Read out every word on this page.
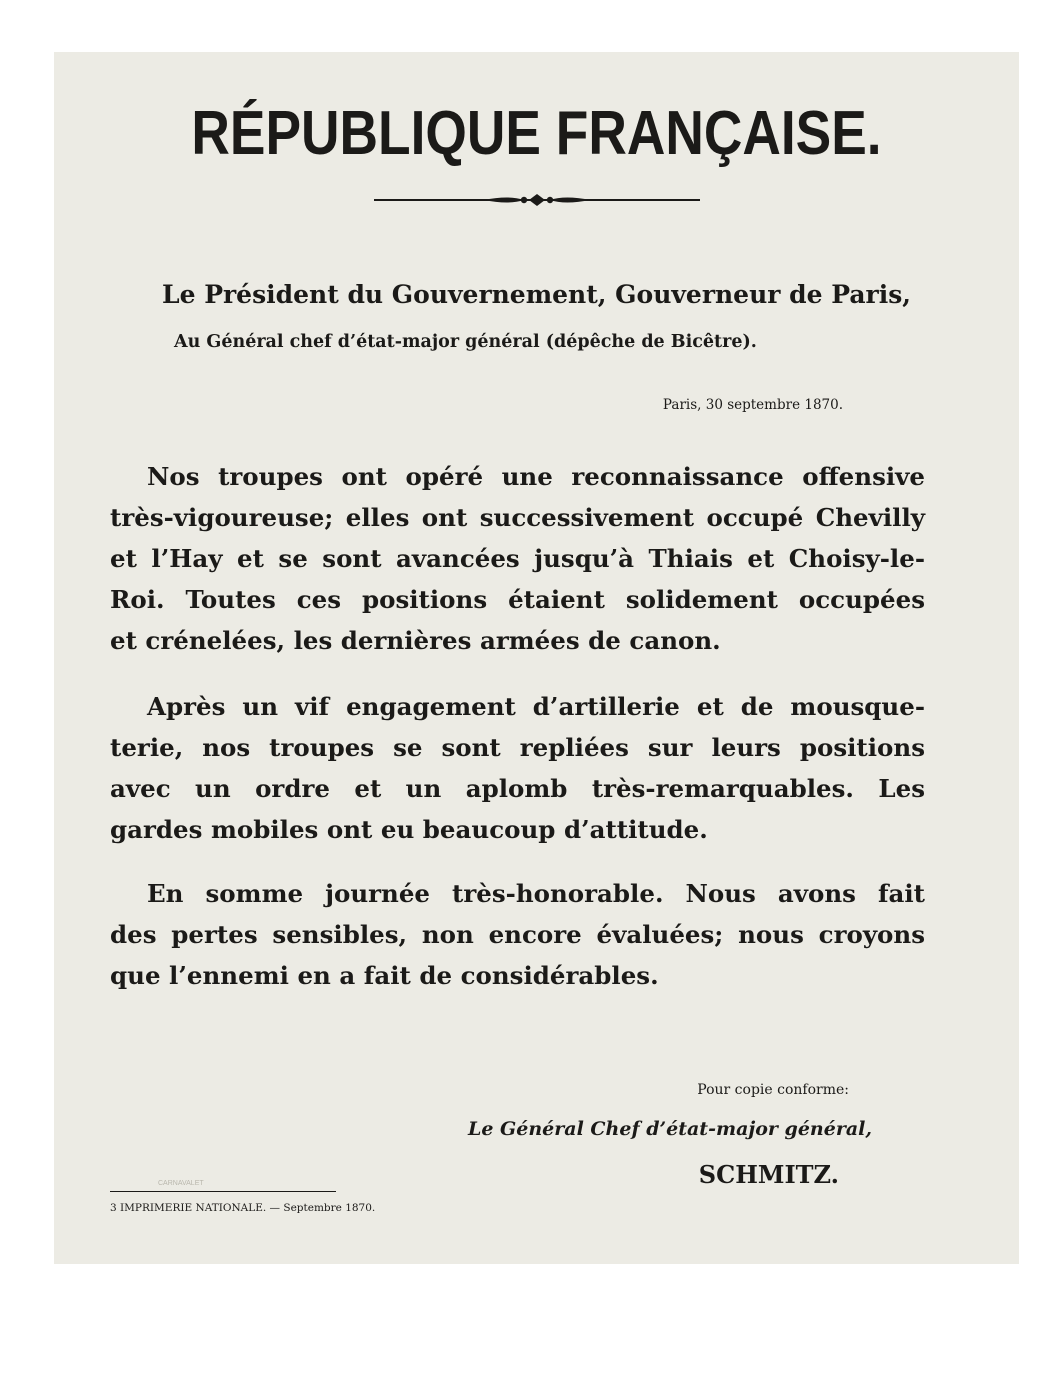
RÉPUBLIQUE FRANÇAISE.
Le Président du Gouvernement, Gouverneur de Paris,
Au Général chef d’état-major général (dépêche de Bicêtre).
Paris, 30 septembre 1870.
Nos troupes ont opéré une reconnaissance offensive
très-vigoureuse; elles ont successivement occupé Chevilly
et l’Hay et se sont avancées jusqu’à Thiais et Choisy-le-
Roi. Toutes ces positions étaient solidement occupées
et crénelées, les dernières armées de canon.
Après un vif engagement d’artillerie et de mousque-
terie, nos troupes se sont repliées sur leurs positions
avec un ordre et un aplomb très-remarquables. Les
gardes mobiles ont eu beaucoup d’attitude.
En somme journée très-honorable. Nous avons fait
des pertes sensibles, non encore évaluées; nous croyons
que l’ennemi en a fait de considérables.
Pour copie conforme:
Le Général Chef d’état-major général,
SCHMITZ.
CARNAVALET
3 IMPRIMERIE NATIONALE. — Septembre 1870.
